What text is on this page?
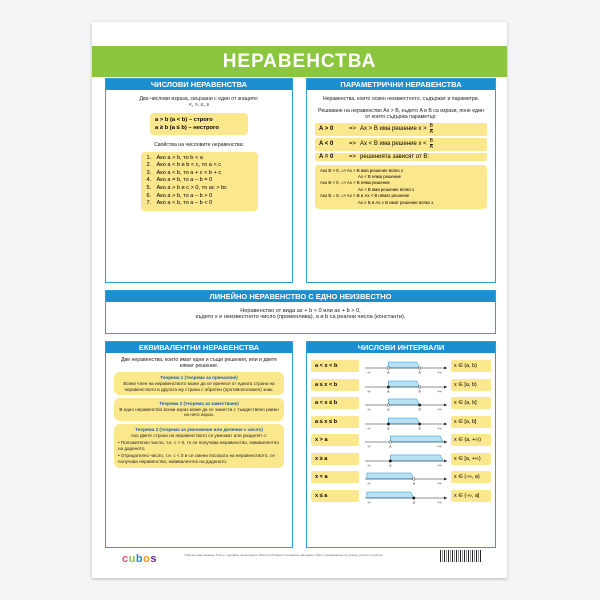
НЕРАВЕНСТВА
ЧИСЛОВИ НЕРАВЕНСТВА
Два числови израза, свързани с един от знаците:
<, >, ≤, ≥
a > b (a < b) – строго
a ≥ b (a ≤ b) – нестрого
Свойства на числовите неравенства:
1. Ако a > b, то b < a
2. Ако a < b и b < c, то a < c
3. Ако a < b, то a + c < b + c
4. Ако a = b, то a – b = 0
5. Ако a > b и c > 0, то ac > bc
6. Ако a > b, то a – b > 0
7. Ако a < b, то a – b < 0
ПАРАМЕТРИЧНИ НЕРАВЕНСТВА
Неравенства, които освен неизвестното, съдържат и параметри.
Решаване на неравенство Ax > B, където A и B са изрази, поне един от които съдържа параметър:
A > 0	=> Ax > B има решение $x > \frac{B}{A}$
A < 0	=> Ax < B има решение $x < \frac{B}{A}$
A = 0	=> решенията зависят от B:
Ако B > 0, => Ax > B има решение всяко x
Ax < B няма решение
Ако B < 0, => Ax > B няма решение
Ax < B има решение всяко x
Ако B = 0, => Ax > B и Ax < B нямат решение
Ax ≤ B и Ax ≥ B имат решение всяко x
ЛИНЕЙНО НЕРАВЕНСТВО С ЕДНО НЕИЗВЕСТНО
Неравенство от вида ax + b < 0 или ax + b > 0,
където x е неизвестното число (променлива), a и b са реални числа (константи).
ЕКВИВАЛЕНТНИ НЕРАВЕНСТВА
Две неравенства, които имат едни и същи решения, или и двете нямат решение.
Теорема 1 (теорема за пренасяне)
Всеки член на неравенството може да се пренесе от едната страна на неравенството в другата му страна с обратен (противоположен) знак.
Теорема 2 (теорема за заместване)
В едно неравенство всеки израз може да се замести с тъждествено равен на него израз.
Теорема 3 (теорема за умножение или деление с число)
Ако двете страни на неравенството се умножат или разделят с:
• Положително число, т.е. c > 0, то се получава неравенство, еквивалентно на даденото.
• Отрицателно число, т.е. c < 0 и се смени посоката на неравенството, се получава неравенство, еквивалентно на даденото.
ЧИСЛОВИ ИНТЕРВАЛИ
a < x < b
a	b
-∞	+∞
x ∈ (a, b)
a ≤ x < b
a	b
-∞	+∞
x ∈ [a, b)
a < x ≤ b
a	b
-∞	+∞
x ∈ (a, b]
a ≤ x ≤ b
a	b
-∞	+∞
x ∈ [a, b]
x > a
a
-∞	+∞
x ∈ (a, +∞)
x ≥ a
a
-∞	+∞
x ∈ [a, +∞)
x < a
a
-∞	+∞
x ∈ (-∞, a)
x ≤ a
a
-∞	+∞
x ∈ (-∞, a]
cubos	© Всички права запазени. Текстът и дизайнът на нагледното табло са собственост на издателя. Нагледното табло е предназначено за ученици, учители и родители.
